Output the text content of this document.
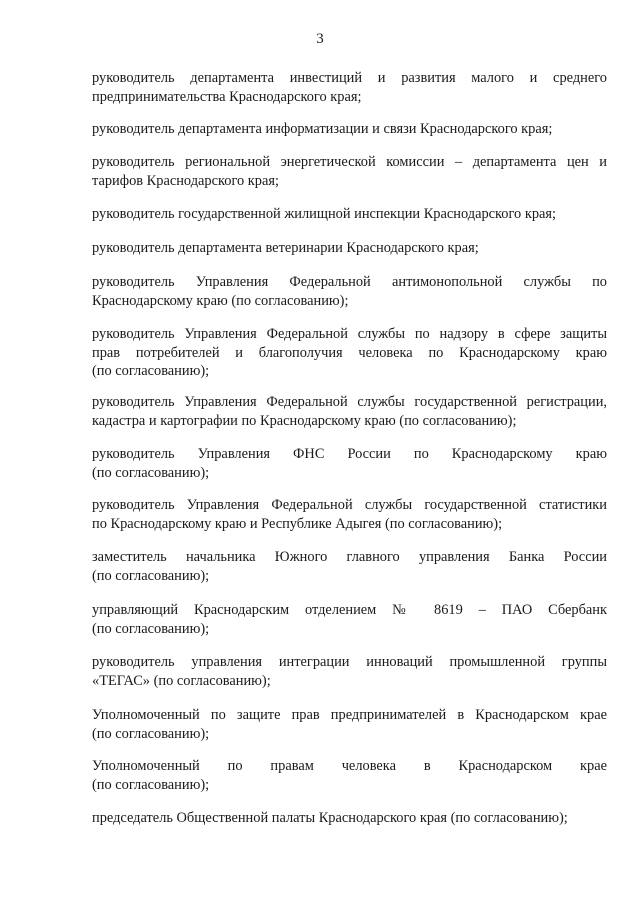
3

руководитель департамента инвестиций и развития малого и среднего
предпринимательства Краснодарского края;

руководитель департамента информатизации и связи Краснодарского края;

руководитель региональной энергетической комиссии – департамента цен и
тарифов Краснодарского края;

руководитель государственной жилищной инспекции Краснодарского края;

руководитель департамента ветеринарии Краснодарского края;

руководитель Управления Федеральной антимонопольной службы по
Краснодарскому краю (по согласованию);

руководитель Управления Федеральной службы по надзору в сфере защиты
прав потребителей и благополучия человека по Краснодарскому краю
(по согласованию);

руководитель Управления Федеральной службы государственной регистрации,
кадастра и картографии по Краснодарскому краю (по согласованию);

руководитель Управления ФНС России по Краснодарскому краю
(по согласованию);

руководитель Управления Федеральной службы государственной статистики
по Краснодарскому краю и Республике Адыгея (по согласованию);

заместитель начальника Южного главного управления Банка России
(по согласованию);

управляющий Краснодарским отделением № 8619 – ПАО Сбербанк
(по согласованию);

руководитель управления интеграции инноваций промышленной группы
«ТЕГАС» (по согласованию);

Уполномоченный по защите прав предпринимателей в Краснодарском крае
(по согласованию);

Уполномоченный по правам человека в Краснодарском крае
(по согласованию);

председатель Общественной палаты Краснодарского края (по согласованию);
